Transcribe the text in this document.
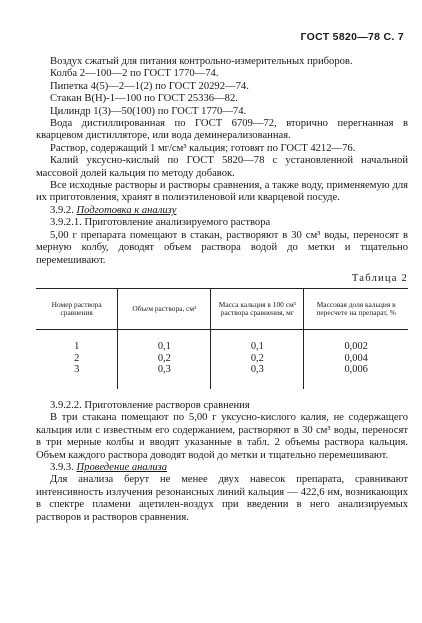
ГОСТ 5820—78 С. 7

Воздух сжатый для питания контрольно-измерительных приборов.

Колба 2—100—2 по ГОСТ 1770—74.

Пипетка 4(5)—2—1(2) по ГОСТ 20292—74.

Стакан В(Н)-1—100 по ГОСТ 25336—82.

Цилиндр 1(3)—50(100) по ГОСТ 1770—74.

Вода дистиллированная по ГОСТ 6709—72, вторично перегнанная в кварцевом дистилляторе, или вода деминерализованная.

Раствор, содержащий 1 мг/см³ кальция; готовят по ГОСТ 4212—76.

Калий уксусно-кислый по ГОСТ 5820—78 с установленной начальной массовой долей кальция по методу добавок.

Все исходные растворы и растворы сравнения, а также воду, применяемую для их приготовления, хранят в полиэтиленовой или кварцевой посуде.

3.9.2. Подготовка к анализу

3.9.2.1. Приготовление анализируемого раствора

5,00 г препарата помещают в стакан, растворяют в 30 см³ воды, переносят в мерную колбу, доводят объем раствора водой до метки и тщательно перемешивают.

Таблица 2
Номер раствора сравнения	Объем раствора, см³	Масса кальция в 100 см³ раствора сравнения, мг	Массовая доля кальция в пересчете на препарат, %
1	0,1	0,1	0,002
2	0,2	0,2	0,004
3	0,3	0,3	0,006

3.9.2.2. Приготовление растворов сравнения

В три стакана помещают по 5,00 г уксусно-кислого калия, не содержащего кальция или с известным его содержанием, растворяют в 30 см³ воды, переносят в три мерные колбы и вводят указанные в табл. 2 объемы раствора кальция. Объем каждого раствора доводят водой до метки и тщательно перемешивают.

3.9.3. Проведение анализа

Для анализа берут не менее двух навесок препарата, сравнивают интенсивность излучения резонансных линий кальция — 422,6 нм, возникающих в спектре пламени ацетилен-воздух при введении в него анализируемых растворов и растворов сравнения.
